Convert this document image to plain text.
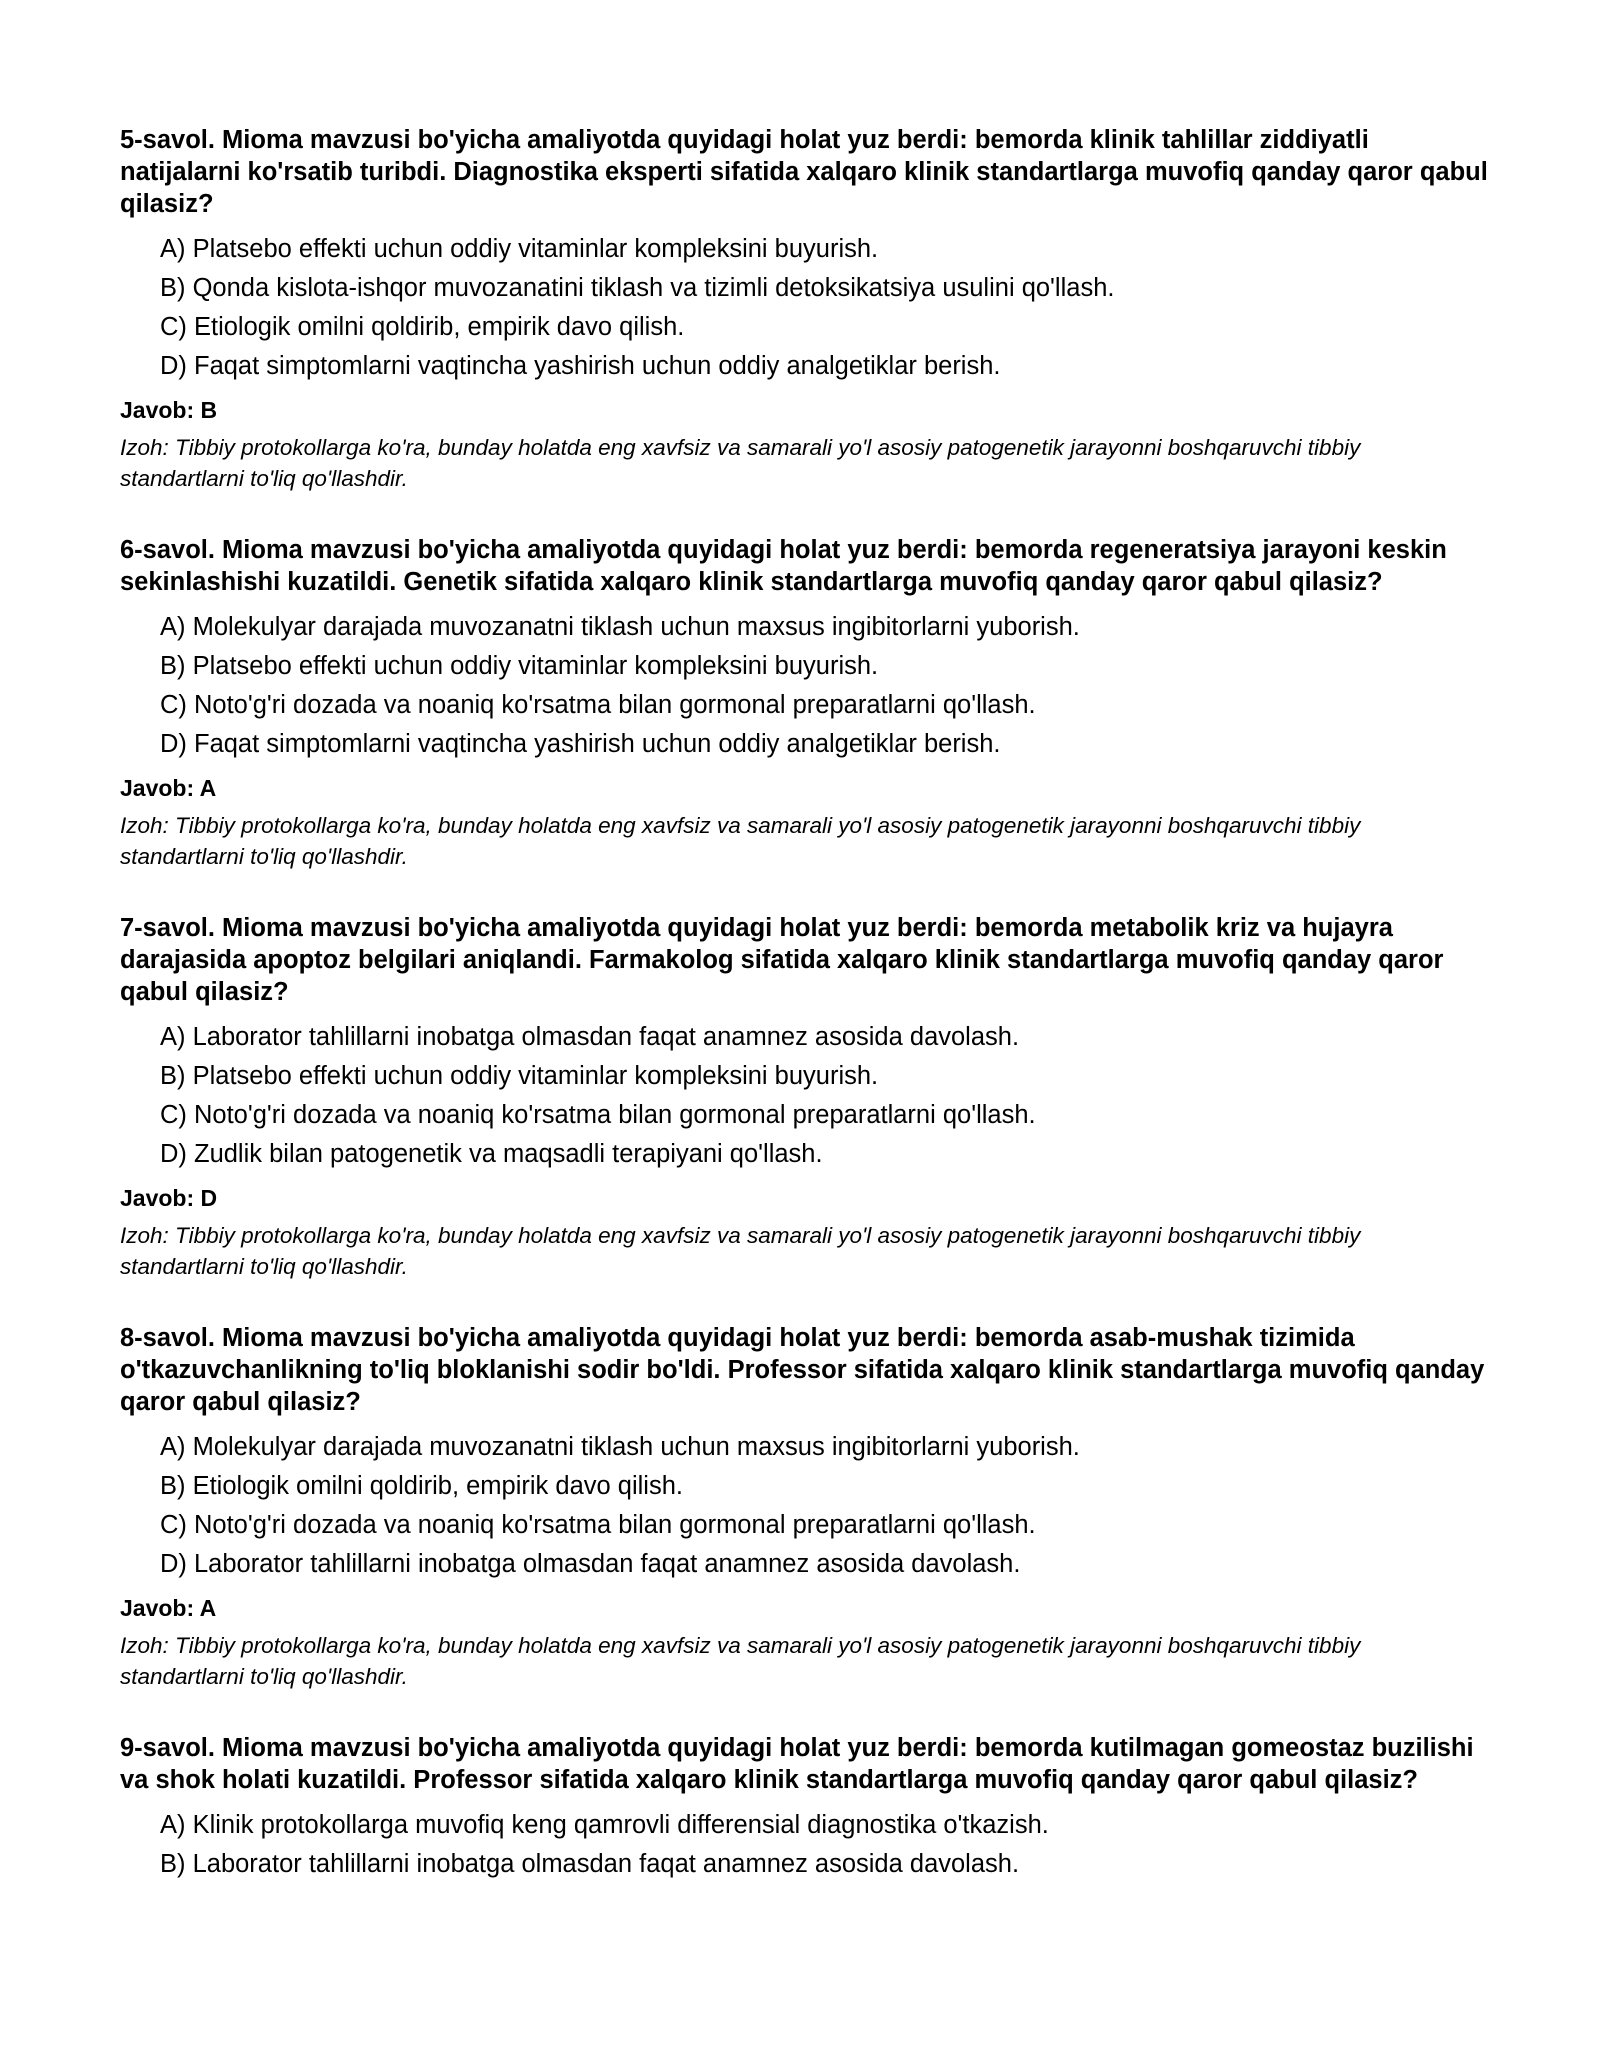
5-savol. Mioma mavzusi bo'yicha amaliyotda quyidagi holat yuz berdi: bemorda klinik tahlillar ziddiyatli natijalarni ko'rsatib turibdi. Diagnostika eksperti sifatida xalqaro klinik standartlarga muvofiq qanday qaror qabul qilasiz?

A) Platsebo effekti uchun oddiy vitaminlar kompleksini buyurish.
B) Qonda kislota-ishqor muvozanatini tiklash va tizimli detoksikatsiya usulini qo'llash.
C) Etiologik omilni qoldirib, empirik davo qilish.
D) Faqat simptomlarni vaqtincha yashirish uchun oddiy analgetiklar berish.

Javob: B

Izoh: Tibbiy protokollarga ko'ra, bunday holatda eng xavfsiz va samarali yo'l asosiy patogenetik jarayonni boshqaruvchi tibbiy standartlarni to'liq qo'llashdir.

6-savol. Mioma mavzusi bo'yicha amaliyotda quyidagi holat yuz berdi: bemorda regeneratsiya jarayoni keskin sekinlashishi kuzatildi. Genetik sifatida xalqaro klinik standartlarga muvofiq qanday qaror qabul qilasiz?

A) Molekulyar darajada muvozanatni tiklash uchun maxsus ingibitorlarni yuborish.
B) Platsebo effekti uchun oddiy vitaminlar kompleksini buyurish.
C) Noto'g'ri dozada va noaniq ko'rsatma bilan gormonal preparatlarni qo'llash.
D) Faqat simptomlarni vaqtincha yashirish uchun oddiy analgetiklar berish.

Javob: A

Izoh: Tibbiy protokollarga ko'ra, bunday holatda eng xavfsiz va samarali yo'l asosiy patogenetik jarayonni boshqaruvchi tibbiy standartlarni to'liq qo'llashdir.

7-savol. Mioma mavzusi bo'yicha amaliyotda quyidagi holat yuz berdi: bemorda metabolik kriz va hujayra darajasida apoptoz belgilari aniqlandi. Farmakolog sifatida xalqaro klinik standartlarga muvofiq qanday qaror qabul qilasiz?

A) Laborator tahlillarni inobatga olmasdan faqat anamnez asosida davolash.
B) Platsebo effekti uchun oddiy vitaminlar kompleksini buyurish.
C) Noto'g'ri dozada va noaniq ko'rsatma bilan gormonal preparatlarni qo'llash.
D) Zudlik bilan patogenetik va maqsadli terapiyani qo'llash.

Javob: D

Izoh: Tibbiy protokollarga ko'ra, bunday holatda eng xavfsiz va samarali yo'l asosiy patogenetik jarayonni boshqaruvchi tibbiy standartlarni to'liq qo'llashdir.

8-savol. Mioma mavzusi bo'yicha amaliyotda quyidagi holat yuz berdi: bemorda asab-mushak tizimida o'tkazuvchanlikning to'liq bloklanishi sodir bo'ldi. Professor sifatida xalqaro klinik standartlarga muvofiq qanday qaror qabul qilasiz?

A) Molekulyar darajada muvozanatni tiklash uchun maxsus ingibitorlarni yuborish.
B) Etiologik omilni qoldirib, empirik davo qilish.
C) Noto'g'ri dozada va noaniq ko'rsatma bilan gormonal preparatlarni qo'llash.
D) Laborator tahlillarni inobatga olmasdan faqat anamnez asosida davolash.

Javob: A

Izoh: Tibbiy protokollarga ko'ra, bunday holatda eng xavfsiz va samarali yo'l asosiy patogenetik jarayonni boshqaruvchi tibbiy standartlarni to'liq qo'llashdir.

9-savol. Mioma mavzusi bo'yicha amaliyotda quyidagi holat yuz berdi: bemorda kutilmagan gomeostaz buzilishi va shok holati kuzatildi. Professor sifatida xalqaro klinik standartlarga muvofiq qanday qaror qabul qilasiz?

A) Klinik protokollarga muvofiq keng qamrovli differensial diagnostika o'tkazish.
B) Laborator tahlillarni inobatga olmasdan faqat anamnez asosida davolash.
